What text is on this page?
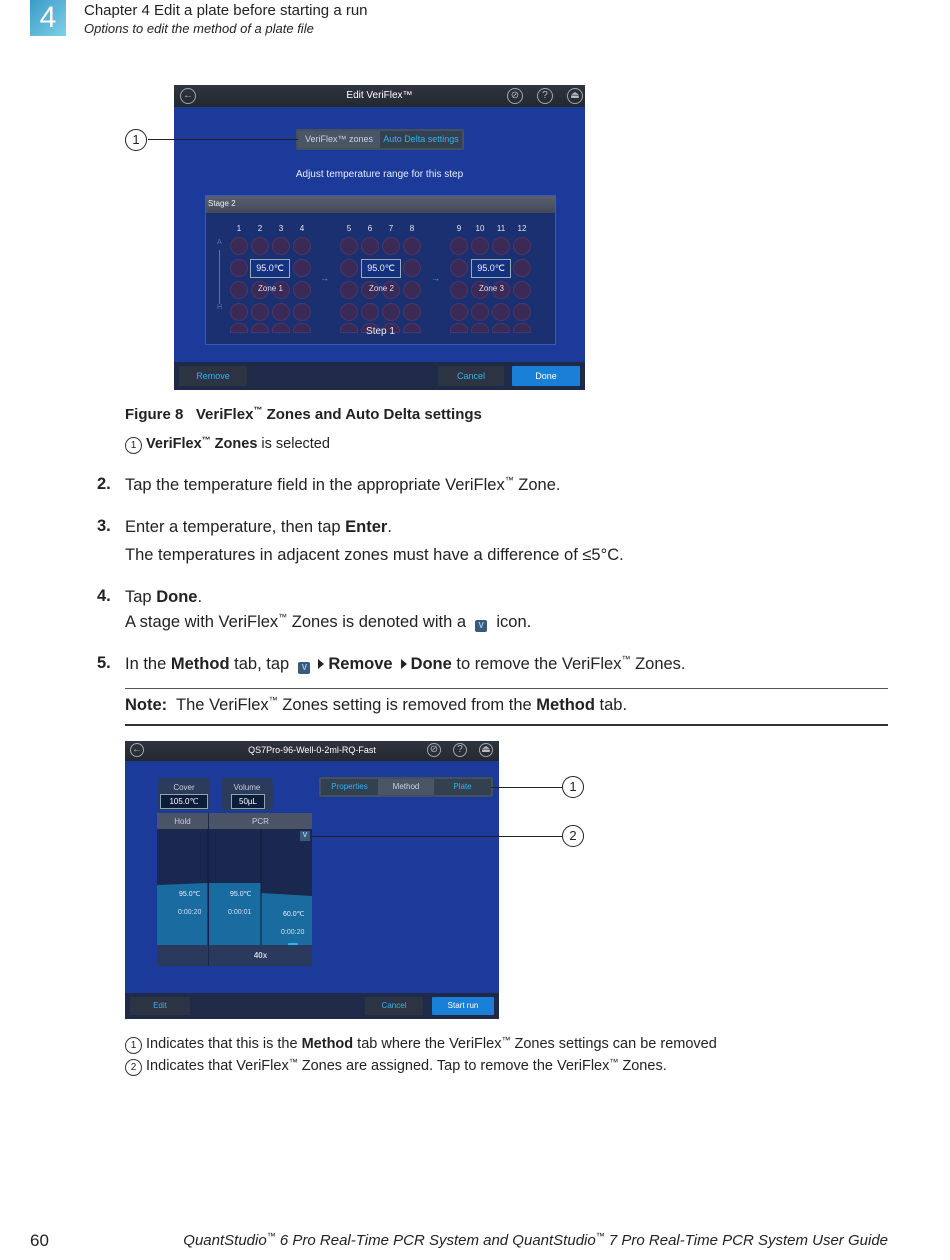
4	Chapter 4 Edit a plate before starting a run
Options to edit the method of a plate file
←	Edit VeriFlex™	⊘	?	⏏
VeriFlex™ zones	Auto Delta settings
Adjust temperature range for this step
Stage 2
1	2	3	4	5	6	7	8	9	10	11	12
A
H
95.0℃
Zone 1
→
95.0℃
Zone 2
→
95.0℃
Zone 3
Step 1
Remove	Cancel	Done
1
Figure 8 VeriFlex™ Zones and Auto Delta settings
1 VeriFlex™ Zones is selected
2. Tap the temperature field in the appropriate VeriFlex™ Zone.
3. Enter a temperature, then tap Enter.
The temperatures in adjacent zones must have a difference of ≤5°C.
4. Tap Done.
A stage with VeriFlex™ Zones is denoted with a V icon.
5. In the Method tab, tap V Remove Done to remove the VeriFlex™ Zones.
Note: The VeriFlex™ Zones setting is removed from the Method tab.
←	QS7Pro-96-Well-0-2ml-RQ-Fast	⊘	?	⏏
Cover
105.0℃
Volume
50µL
Properties	Method	Plate
Hold	PCR
V
95.0℃
0:00:20
95.0℃
0:00:01	60.0℃
0:00:20
40x
Edit	Cancel	Start run
1
2
1 Indicates that this is the Method tab where the VeriFlex™ Zones settings can be removed
2 Indicates that VeriFlex™ Zones are assigned. Tap to remove the VeriFlex™ Zones.
60	QuantStudio™ 6 Pro Real-Time PCR System and QuantStudio™ 7 Pro Real-Time PCR System User Guide
